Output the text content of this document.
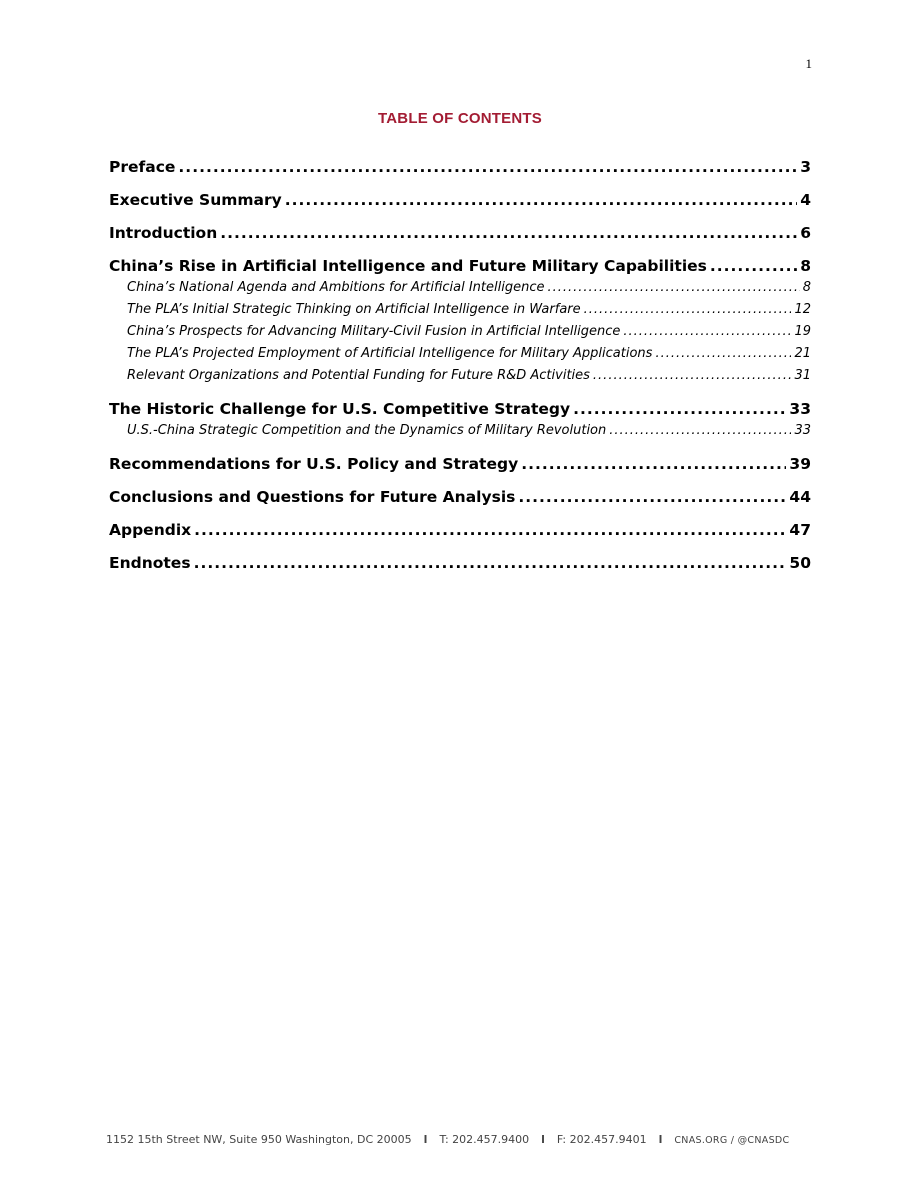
1
TABLE OF CONTENTS
Preface .....	3
Executive Summary .....	4
Introduction .....	6
China’s Rise in Artificial Intelligence and Future Military Capabilities .....	8
China’s National Agenda and Ambitions for Artificial Intelligence .....	8
The PLA’s Initial Strategic Thinking on Artificial Intelligence in Warfare .....	12
China’s Prospects for Advancing Military-Civil Fusion in Artificial Intelligence .....	19
The PLA’s Projected Employment of Artificial Intelligence for Military Applications .....	21
Relevant Organizations and Potential Funding for Future R&D Activities .....	31
The Historic Challenge for U.S. Competitive Strategy .....	33
U.S.-China Strategic Competition and the Dynamics of Military Revolution .....	33
Recommendations for U.S. Policy and Strategy .....	39
Conclusions and Questions for Future Analysis .....	44
Appendix .....	47
Endnotes .....	50
1152 15th Street NW, Suite 950 Washington, DC 20005 l T: 202.457.9400 l F: 202.457.9401 l CNAS.ORG / @CNASDC
